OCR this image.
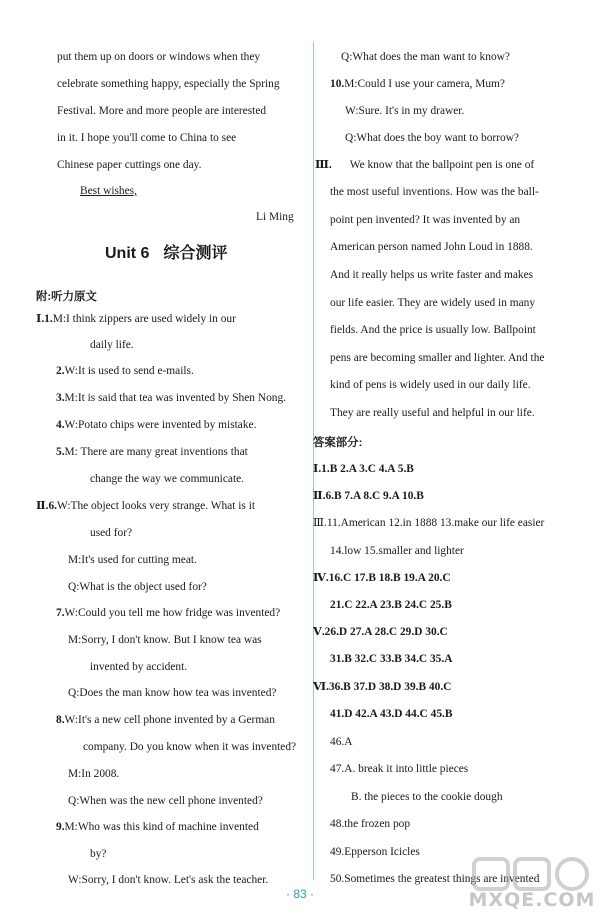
put them up on doors or windows when they
celebrate something happy, especially the Spring
Festival. More and more people are interested
in it. I hope you'll come to China to see
Chinese paper cuttings one day.
Best wishes,
Li Ming
Unit 6 综合测评
附:听力原文
Ⅰ.1.M:I think zippers are used widely in our
daily life.
2.W:It is used to send e-mails.
3.M:It is said that tea was invented by Shen Nong.
4.W:Potato chips were invented by mistake.
5.M: There are many great inventions that
change the way we communicate.
Ⅱ.6.W:The object looks very strange. What is it
used for?
M:It's used for cutting meat.
Q:What is the object used for?
7.W:Could you tell me how fridge was invented?
M:Sorry, I don't know. But I know tea was
invented by accident.
Q:Does the man know how tea was invented?
8.W:It's a new cell phone invented by a German
company. Do you know when it was invented?
M:In 2008.
Q:When was the new cell phone invented?
9.M:Who was this kind of machine invented
by?
W:Sorry, I don't know. Let's ask the teacher.
Q:What does the man want to know?
10.M:Could I use your camera, Mum?
W:Sure. It's in my drawer.
Q:What does the boy want to borrow?
Ⅲ. We know that the ballpoint pen is one of
the most useful inventions. How was the ball-
point pen invented? It was invented by an
American person named John Loud in 1888.
And it really helps us write faster and makes
our life easier. They are widely used in many
fields. And the price is usually low. Ballpoint
pens are becoming smaller and lighter. And the
kind of pens is widely used in our daily life.
They are really useful and helpful in our life.
答案部分:
Ⅰ.1.B 2.A 3.C 4.A 5.B
Ⅱ.6.B 7.A 8.C 9.A 10.B
Ⅲ.11.American 12.in 1888 13.make our life easier
14.low 15.smaller and lighter
Ⅳ.16.C 17.B 18.B 19.A 20.C
21.C 22.A 23.B 24.C 25.B
Ⅴ.26.D 27.A 28.C 29.D 30.C
31.B 32.C 33.B 34.C 35.A
Ⅵ.36.B 37.D 38.D 39.B 40.C
41.D 42.A 43.D 44.C 45.B
46.A
47.A. break it into little pieces
B. the pieces to the cookie dough
48.the frozen pop
49.Epperson Icicles
50.Sometimes the greatest things are invented
· 83 ·	MXQE.COM
